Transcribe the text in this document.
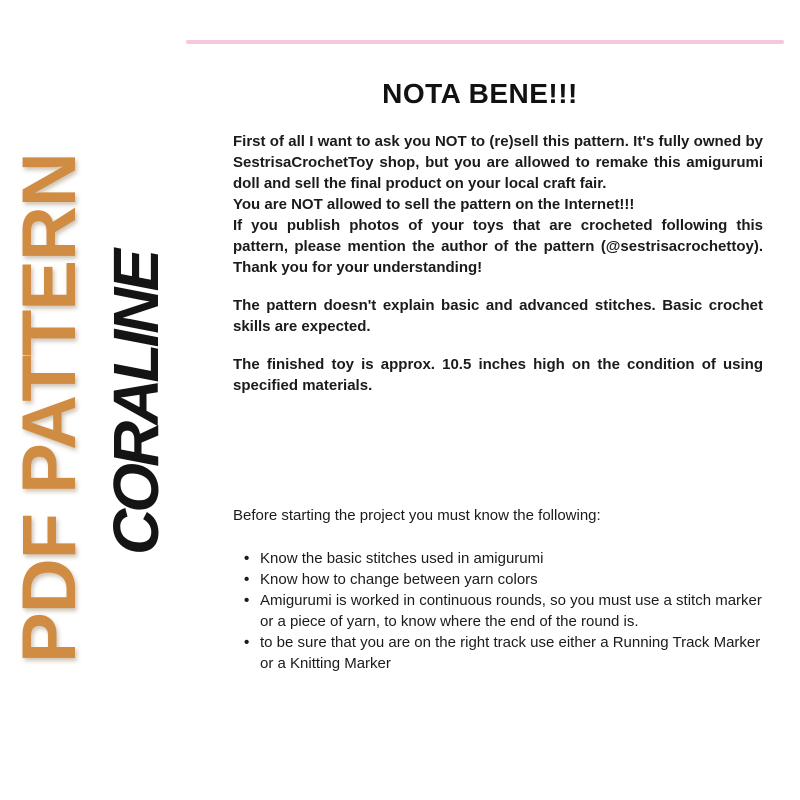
NOTA BENE!!!
PDF PATTERN CORALINE

First of all I want to ask you NOT to (re)sell this pattern. It's fully owned by SestrisaCrochetToy shop, but you are allowed to remake this amigurumi doll and sell the final product on your local craft fair.

You are NOT allowed to sell the pattern on the Internet!!!

If you publish photos of your toys that are crocheted following this pattern, please mention the author of the pattern (@sestrisacrochettoy). Thank you for your understanding!

The pattern doesn't explain basic and advanced stitches. Basic crochet skills are expected.

The finished toy is approx. 10.5 inches high on the condition of using specified materials.

Before starting the project you must know the following:

• Know the basic stitches used in amigurumi
• Know how to change between yarn colors
• Amigurumi is worked in continuous rounds, so you must use a stitch marker or a piece of yarn, to know where the end of the round is.
• to be sure that you are on the right track use either a Running Track Marker or a Knitting Marker
